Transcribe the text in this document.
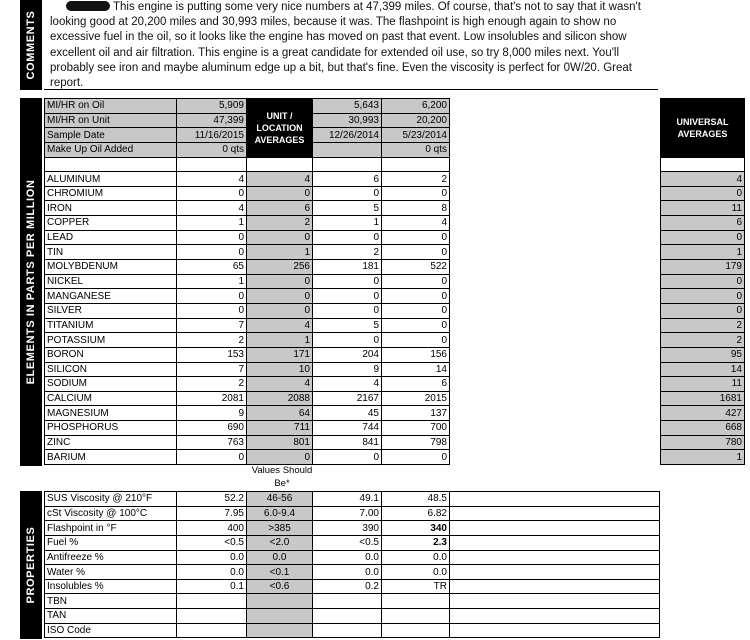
COMMENTS
This engine is putting some very nice numbers at 47,399 miles. Of course, that's not to say that it wasn't looking good at 20,200 miles and 30,993 miles, because it was. The flashpoint is high enough again to show no excessive fuel in the oil, so it looks like the engine has moved on past that event. Low insolubles and silicon show excellent oil and air filtration. This engine is a great candidate for extended oil use, so try 8,000 miles next. You'll probably see iron and maybe aluminum edge up a bit, but that's fine. Even the viscosity is perfect for 0W/20. Great report.
ELEMENTS IN PARTS PER MILLION
MI/HR on Oil	5,909	UNIT / LOCATION AVERAGES	5,643	6,200		UNIVERSAL AVERAGES
MI/HR on Unit	47,399		30,993	20,200		
Sample Date	11/16/2015		12/26/2014	5/23/2014		
Make Up Oil Added	0 qts			0 qts		

ALUMINUM	4	4	6	2		4
CHROMIUM	0	0	0	0		0
IRON	4	6	5	8		11
COPPER	1	2	1	4		6
LEAD	0	0	0	0		0
TIN	0	1	2	0		1
MOLYBDENUM	65	256	181	522		179
NICKEL	1	0	0	0		0
MANGANESE	0	0	0	0		0
SILVER	0	0	0	0		0
TITANIUM	7	4	5	0		2
POTASSIUM	2	1	0	0		2
BORON	153	171	204	156		95
SILICON	7	10	9	14		14
SODIUM	2	4	4	6		11
CALCIUM	2081	2088	2167	2015		1681
MAGNESIUM	9	64	45	137		427
PHOSPHORUS	690	711	744	700		668
ZINC	763	801	841	798		780
BARIUM	0	0	0	0		1
Values Should Be*
PROPERTIES
SUS Viscosity @ 210°F	52.2	46-56	49.1	48.5	
cSt Viscosity @ 100°C	7.95	6.0-9.4	7.00	6.82	
Flashpoint in °F	400	>385	390	340	
Fuel %	<0.5	<2.0	<0.5	2.3	
Antifreeze %	0.0	0.0	0.0	0.0	
Water %	0.0	<0.1	0.0	0.0	
Insolubles %	0.1	<0.6	0.2	TR	
TBN					
TAN					
ISO Code					
